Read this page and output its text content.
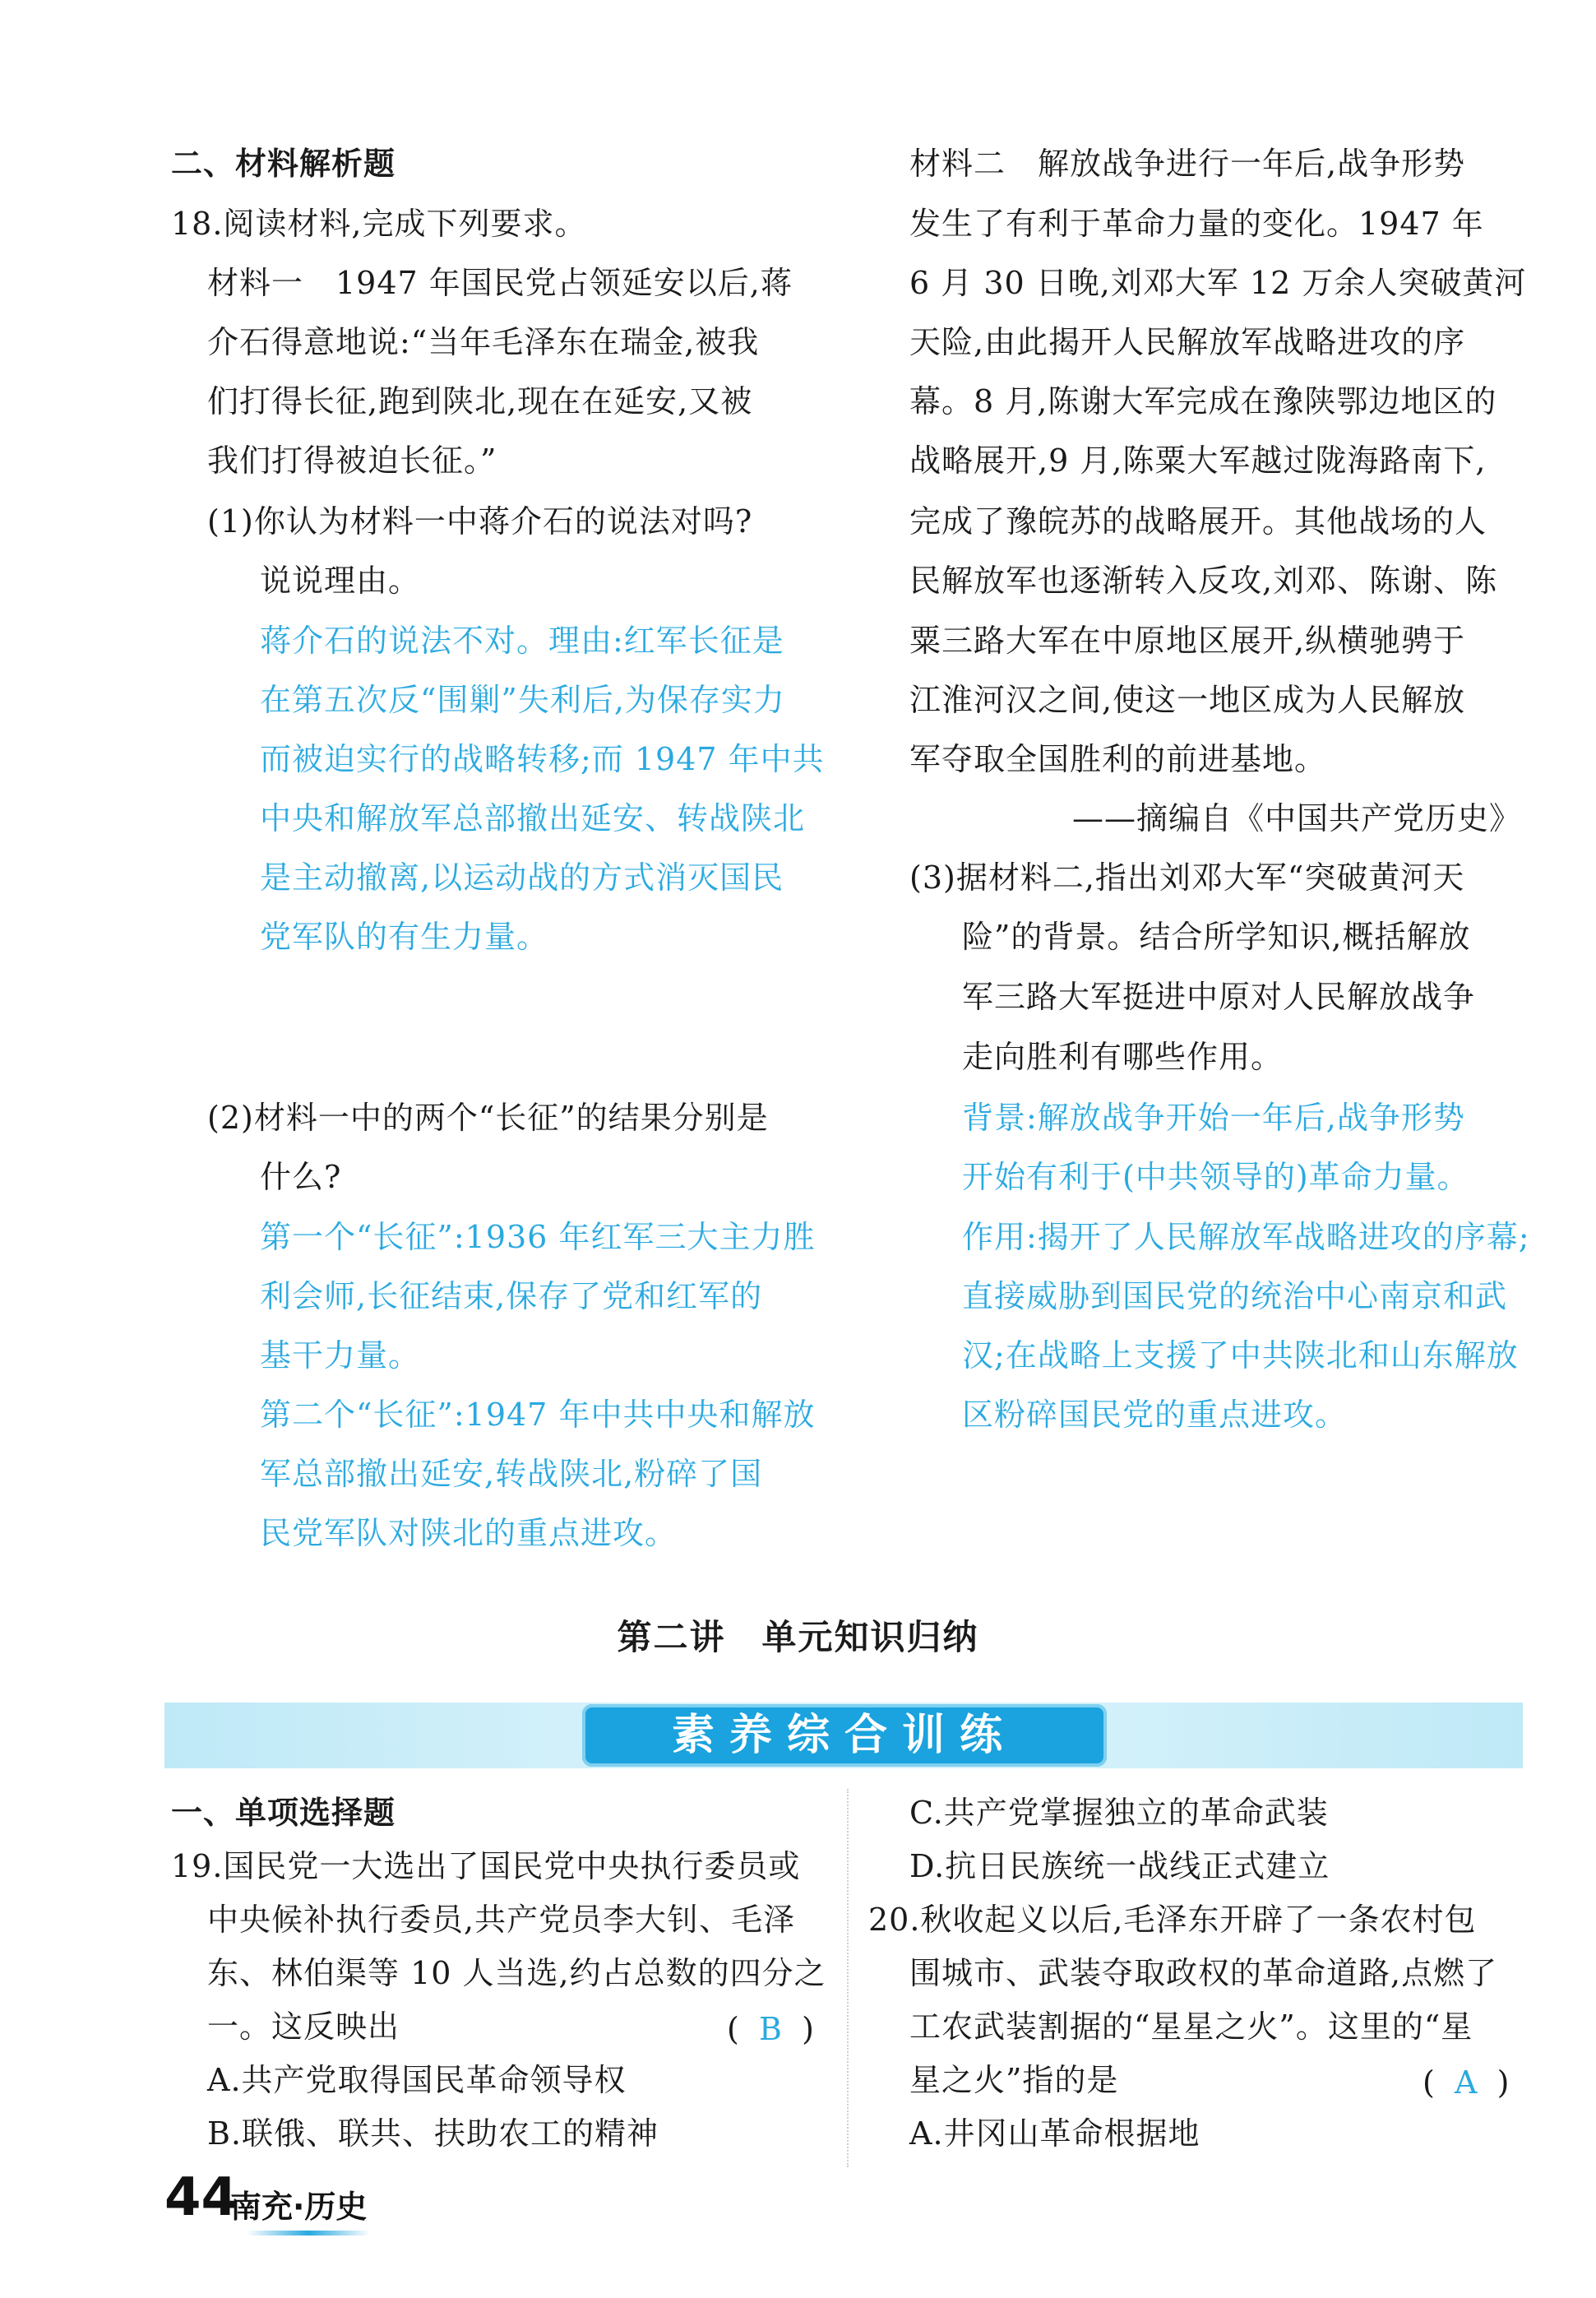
二、材料解析题
18.阅读材料,完成下列要求。
材料一　1947 年国民党占领延安以后,蒋
介石得意地说:“当年毛泽东在瑞金,被我
们打得长征,跑到陕北,现在在延安,又被
我们打得被迫长征。”
(1)你认为材料一中蒋介石的说法对吗?
说说理由。
蒋介石的说法不对。理由:红军长征是
在第五次反“围剿”失利后,为保存实力
而被迫实行的战略转移;而 1947 年中共
中央和解放军总部撤出延安、转战陕北
是主动撤离,以运动战的方式消灭国民
党军队的有生力量。
(2)材料一中的两个“长征”的结果分别是
什么?
第一个“长征”:1936 年红军三大主力胜
利会师,长征结束,保存了党和红军的
基干力量。
第二个“长征”:1947 年中共中央和解放
军总部撤出延安,转战陕北,粉碎了国
民党军队对陕北的重点进攻。
材料二　解放战争进行一年后,战争形势
发生了有利于革命力量的变化。1947 年
6 月 30 日晚,刘邓大军 12 万余人突破黄河
天险,由此揭开人民解放军战略进攻的序
幕。8 月,陈谢大军完成在豫陕鄂边地区的
战略展开,9 月,陈粟大军越过陇海路南下,
完成了豫皖苏的战略展开。其他战场的人
民解放军也逐渐转入反攻,刘邓、陈谢、陈
粟三路大军在中原地区展开,纵横驰骋于
江淮河汉之间,使这一地区成为人民解放
军夺取全国胜利的前进基地。
——摘编自《中国共产党历史》
(3)据材料二,指出刘邓大军“突破黄河天
险”的背景。结合所学知识,概括解放
军三路大军挺进中原对人民解放战争
走向胜利有哪些作用。
背景:解放战争开始一年后,战争形势
开始有利于(中共领导的)革命力量。
作用:揭开了人民解放军战略进攻的序幕;
直接威胁到国民党的统治中心南京和武
汉;在战略上支援了中共陕北和山东解放
区粉碎国民党的重点进攻。
第二讲　单元知识归纳
素养综合训练
一、单项选择题
19.国民党一大选出了国民党中央执行委员或
中央候补执行委员,共产党员李大钊、毛泽
东、林伯渠等 10 人当选,约占总数的四分之
一。这反映出	(  B  )
A.共产党取得国民革命领导权
B.联俄、联共、扶助农工的精神
C.共产党掌握独立的革命武装
D.抗日民族统一战线正式建立
20.秋收起义以后,毛泽东开辟了一条农村包
围城市、武装夺取政权的革命道路,点燃了
工农武装割据的“星星之火”。这里的“星
星之火”指的是	(  A  )
A.井冈山革命根据地
44
南充·历史
